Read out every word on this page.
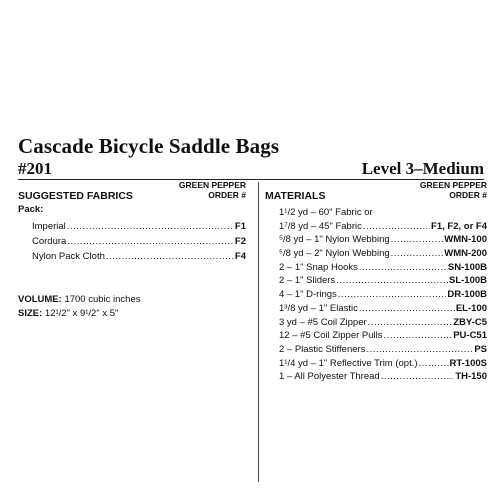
Cascade Bicycle Saddle Bags
#201	Level 3–Medium
SUGGESTED FABRICS
GREEN PEPPER
ORDER #
Pack:
Imperial .....	F1
Cordura .....	F2
Nylon Pack Cloth .....	F4
VOLUME: 1700 cubic inches
SIZE: 12¹/2" x 9¹/2" x 5"
MATERIALS
GREEN PEPPER
ORDER #
1¹/2 yd – 60" Fabric or
1⁷/8 yd – 45" Fabric .....	F1, F2, or F4
⁵/8 yd – 1" Nylon Webbing .....	WMN-100
⁵/8 yd – 2" Nylon Webbing .....	WMN-200
2 – 1" Snap Hooks .....	SN-100B
2 – 1" Sliders .....	SL-100B
4 – 1" D-rings .....	DR-100B
1³/8 yd – 1" Elastic .....	EL-100
3 yd – #5 Coil Zipper .....	ZBY-C5
12 – #5 Coil Zipper Pulls .....	PU-C51
2 – Plastic Stiffeners .....	PS
1¹/4 yd – 1" Reflective Trim (opt.) .....	RT-100S
1 – All Polyester Thread .....	TH-150
